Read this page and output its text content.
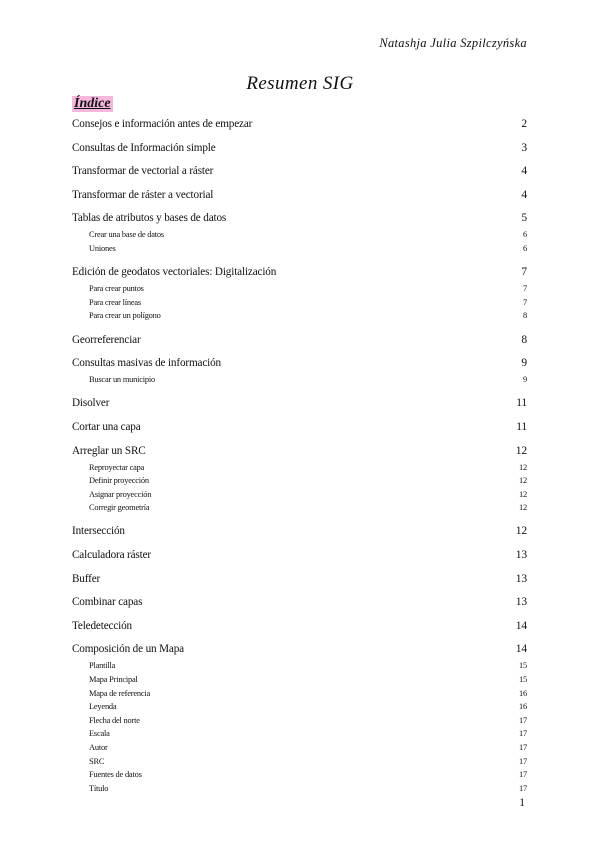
Natashja Julia Szpilczyńska
Resumen SIG
Índice
Consejos e información antes de empezar	2
Consultas de Información simple	3
Transformar de vectorial a ráster	4
Transformar de ráster a vectorial	4
Tablas de atributos y bases de datos	5
Crear una base de datos	6
Uniones	6
Edición de geodatos vectoriales: Digitalización	7
Para crear puntos	7
Para crear líneas	7
Para crear un polígono	8
Georreferenciar	8
Consultas masivas de información	9
Buscar un municipio	9
Disolver	11
Cortar una capa	11
Arreglar un SRC	12
Reproyectar capa	12
Definir proyección	12
Asignar proyección	12
Corregir geometría	12
Intersección	12
Calculadora ráster	13
Buffer	13
Combinar capas	13
Teledetección	14
Composición de un Mapa	14
Plantilla	15
Mapa Principal	15
Mapa de referencia	16
Leyenda	16
Flecha del norte	17
Escala	17
Autor	17
SRC	17
Fuentes de datos	17
Título	17
1
